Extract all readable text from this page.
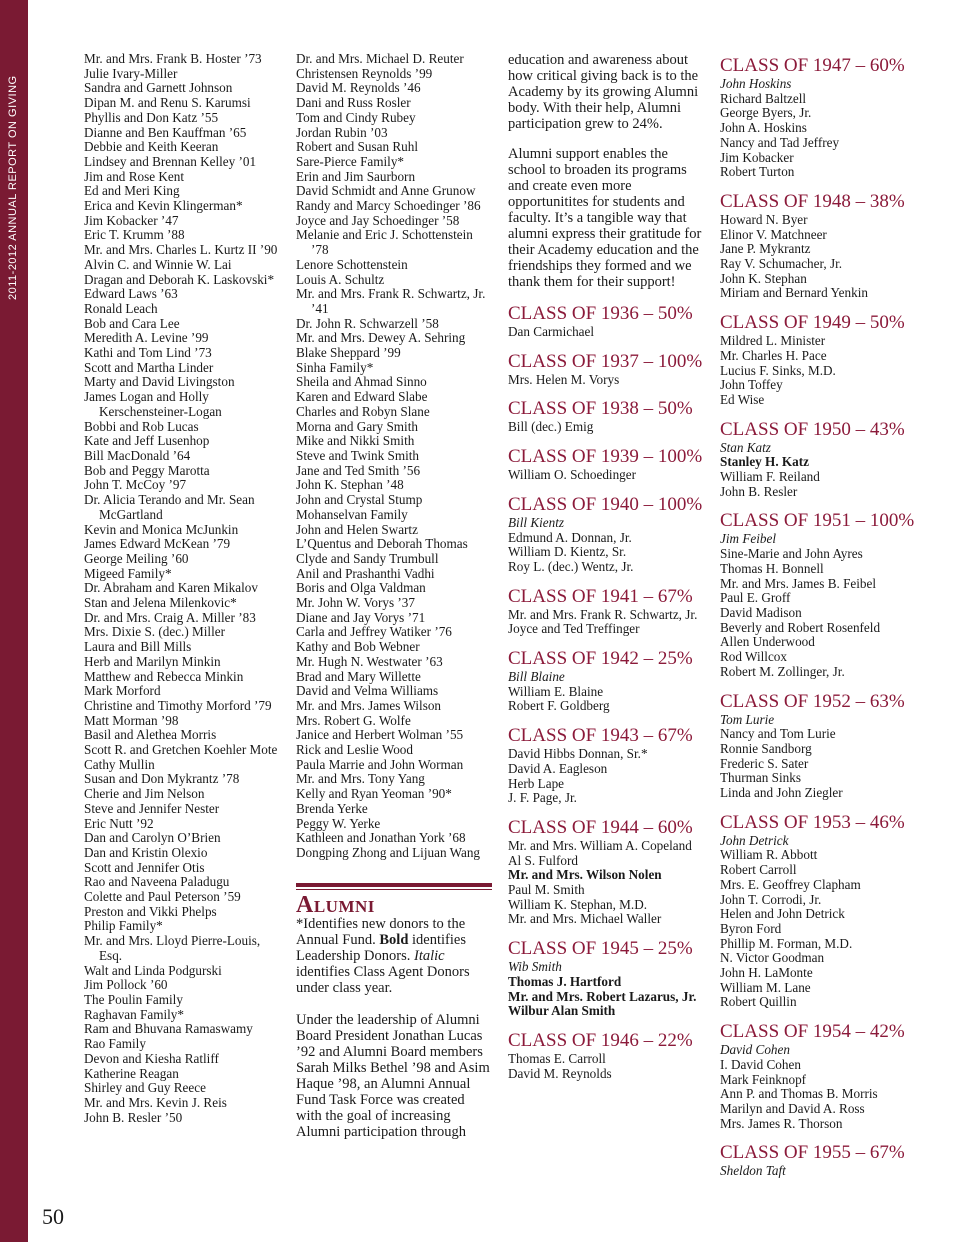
2011-2012 ANNUAL REPORT ON GIVING

Mr. and Mrs. Frank B. Hoster ’73

Julie Ivary-Miller

Sandra and Garnett Johnson

Dipan M. and Renu S. Karumsi

Phyllis and Don Katz ’55

Dianne and Ben Kauffman ’65

Debbie and Keith Keeran

Lindsey and Brennan Kelley ’01

Jim and Rose Kent

Ed and Meri King

Erica and Kevin Klingerman*

Jim Kobacker ’47

Eric T. Krumm ’88

Mr. and Mrs. Charles L. Kurtz II ’90

Alvin C. and Winnie W. Lai

Dragan and Deborah K. Laskovski*

Edward Laws ’63

Ronald Leach

Bob and Cara Lee

Meredith A. Levine ’99

Kathi and Tom Lind ’73

Scott and Martha Linder

Marty and David Livingston

James Logan and Holly Kerschensteiner-Logan

Bobbi and Rob Lucas

Kate and Jeff Lusenhop

Bill MacDonald ’64

Bob and Peggy Marotta

John T. McCoy ’97

Dr. Alicia Terando and Mr. Sean McGartland

Kevin and Monica McJunkin

James Edward McKean ’79

George Meiling ’60

Migeed Family*

Dr. Abraham and Karen Mikalov

Stan and Jelena Milenkovic*

Dr. and Mrs. Craig A. Miller ’83

Mrs. Dixie S. (dec.) Miller

Laura and Bill Mills

Herb and Marilyn Minkin

Matthew and Rebecca Minkin

Mark Morford

Christine and Timothy Morford ’79

Matt Morman ’98

Basil and Alethea Morris

Scott R. and Gretchen Koehler Mote

Cathy Mullin

Susan and Don Mykrantz ’78

Cherie and Jim Nelson

Steve and Jennifer Nester

Eric Nutt ’92

Dan and Carolyn O’Brien

Dan and Kristin Olexio

Scott and Jennifer Otis

Rao and Naveena Paladugu

Colette and Paul Peterson ’59

Preston and Vikki Phelps

Philip Family*

Mr. and Mrs. Lloyd Pierre-Louis, Esq.

Walt and Linda Podgurski

Jim Pollock ’60

The Poulin Family

Raghavan Family*

Ram and Bhuvana Ramaswamy

Rao Family

Devon and Kiesha Ratliff

Katherine Reagan

Shirley and Guy Reece

Mr. and Mrs. Kevin J. Reis

John B. Resler ’50

Dr. and Mrs. Michael D. Reuter

Christensen Reynolds ’99

David M. Reynolds ’46

Dani and Russ Rosler

Tom and Cindy Rubey

Jordan Rubin ’03

Robert and Susan Ruhl

Sare-Pierce Family*

Erin and Jim Saurborn

David Schmidt and Anne Grunow

Randy and Marcy Schoedinger ’86

Joyce and Jay Schoedinger ’58

Melanie and Eric J. Schottenstein ’78

Lenore Schottenstein

Louis A. Schultz

Mr. and Mrs. Frank R. Schwartz, Jr. ’41

Dr. John R. Schwarzell ’58

Mr. and Mrs. Dewey A. Sehring

Blake Sheppard ’99

Sinha Family*

Sheila and Ahmad Sinno

Karen and Edward Slabe

Charles and Robyn Slane

Morna and Gary Smith

Mike and Nikki Smith

Steve and Twink Smith

Jane and Ted Smith ’56

John K. Stephan ’48

John and Crystal Stump

Mohanselvan Family

John and Helen Swartz

L’Quentus and Deborah Thomas

Clyde and Sandy Trumbull

Anil and Prashanthi Vadhi

Boris and Olga Valdman

Mr. John W. Vorys ’37

Diane and Jay Vorys ’71

Carla and Jeffrey Watiker ’76

Kathy and Bob Webner

Mr. Hugh N. Westwater ’63

Brad and Mary Willette

David and Velma Williams

Mr. and Mrs. James Wilson

Mrs. Robert G. Wolfe

Janice and Herbert Wolman ’55

Rick and Leslie Wood

Paula Marrie and John Worman

Mr. and Mrs. Tony Yang

Kelly and Ryan Yeoman ’90*

Brenda Yerke

Peggy W. Yerke

Kathleen and Jonathan York ’68

Dongping Zhong and Lijuan Wang

Alumni

*Identifies new donors to the Annual Fund. Bold identifies Leadership Donors. Italic identifies Class Agent Donors under class year.

Under the leadership of Alumni Board President Jonathan Lucas ’92 and Alumni Board members Sarah Milks Bethel ’98 and Asim Haque ’98, an Alumni Annual Fund Task Force was created with the goal of increasing Alumni participation through

education and awareness about how critical giving back is to the Academy by its growing Alumni body. With their help, Alumni participation grew to 24%.

Alumni support enables the school to broaden its programs and create even more opportunitites for students and faculty. It’s a tangible way that alumni express their gratitude for their Academy education and the friendships they formed and we thank them for their support!

CLASS OF 1936 – 50%

Dan Carmichael

CLASS OF 1937 – 100%

Mrs. Helen M. Vorys

CLASS OF 1938 – 50%

Bill (dec.) Emig

CLASS OF 1939 – 100%

William O. Schoedinger

CLASS OF 1940 – 100%

Bill Kientz

Edmund A. Donnan, Jr.

William D. Kientz, Sr.

Roy L. (dec.) Wentz, Jr.

CLASS OF 1941 – 67%

Mr. and Mrs. Frank R. Schwartz, Jr.

Joyce and Ted Treffinger

CLASS OF 1942 – 25%

Bill Blaine

William E. Blaine

Robert F. Goldberg

CLASS OF 1943 – 67%

David Hibbs Donnan, Sr.*

David A. Eagleson

Herb Lape

J. F. Page, Jr.

CLASS OF 1944 – 60%

Mr. and Mrs. William A. Copeland

Al S. Fulford

Mr. and Mrs. Wilson Nolen

Paul M. Smith

William K. Stephan, M.D.

Mr. and Mrs. Michael Waller

CLASS OF 1945 – 25%

Wib Smith

Thomas J. Hartford

Mr. and Mrs. Robert Lazarus, Jr.

Wilbur Alan Smith

CLASS OF 1946 – 22%

Thomas E. Carroll

David M. Reynolds

CLASS OF 1947 – 60%

John Hoskins

Richard Baltzell

George Byers, Jr.

John A. Hoskins

Nancy and Tad Jeffrey

Jim Kobacker

Robert Turton

CLASS OF 1948 – 38%

Howard N. Byer

Elinor V. Matchneer

Jane P. Mykrantz

Ray V. Schumacher, Jr.

John K. Stephan

Miriam and Bernard Yenkin

CLASS OF 1949 – 50%

Mildred L. Minister

Mr. Charles H. Pace

Lucius F. Sinks, M.D.

John Toffey

Ed Wise

CLASS OF 1950 – 43%

Stan Katz

Stanley H. Katz

William F. Reiland

John B. Resler

CLASS OF 1951 – 100%

Jim Feibel

Sine-Marie and John Ayres

Thomas H. Bonnell

Mr. and Mrs. James B. Feibel

Paul E. Groff

David Madison

Beverly and Robert Rosenfeld

Allen Underwood

Rod Willcox

Robert M. Zollinger, Jr.

CLASS OF 1952 – 63%

Tom Lurie

Nancy and Tom Lurie

Ronnie Sandborg

Frederic S. Sater

Thurman Sinks

Linda and John Ziegler

CLASS OF 1953 – 46%

John Detrick

William R. Abbott

Robert Carroll

Mrs. E. Geoffrey Clapham

John T. Corrodi, Jr.

Helen and John Detrick

Byron Ford

Phillip M. Forman, M.D.

N. Victor Goodman

John H. LaMonte

William M. Lane

Robert Quillin

CLASS OF 1954 – 42%

David Cohen

I. David Cohen

Mark Feinknopf

Ann P. and Thomas B. Morris

Marilyn and David A. Ross

Mrs. James R. Thorson

CLASS OF 1955 – 67%

Sheldon Taft

50
